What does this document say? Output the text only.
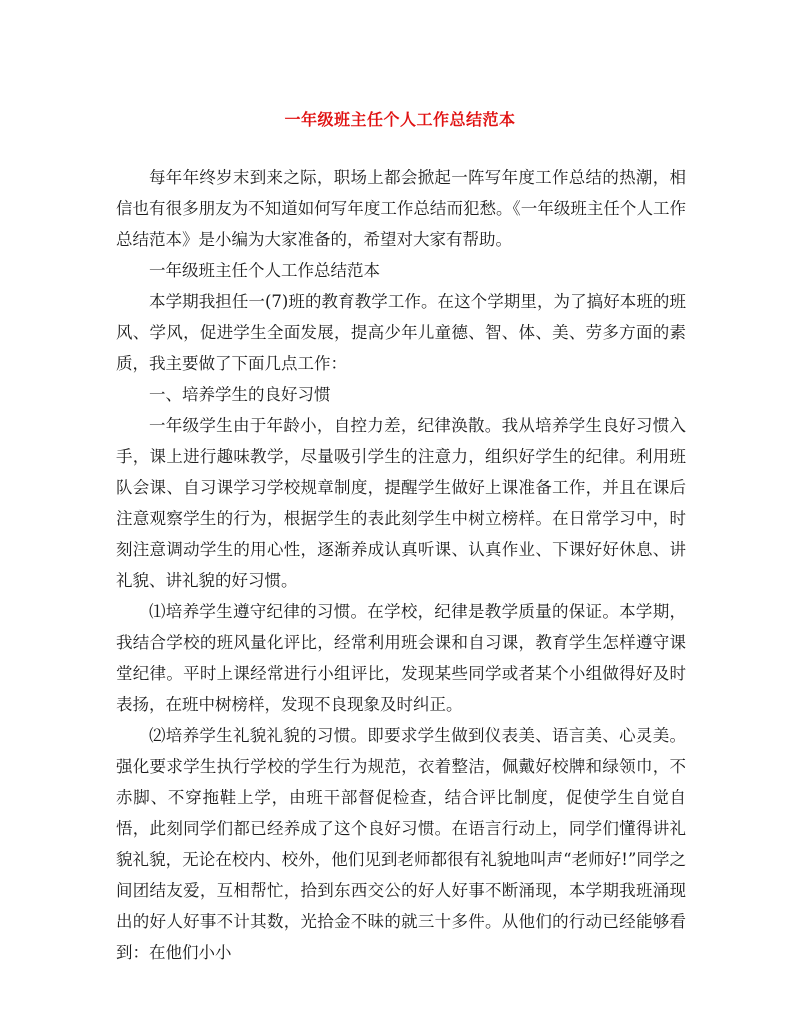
一年级班主任个人工作总结范本

每年年终岁末到来之际，职场上都会掀起一阵写年度工作总结的热潮，相信也有很多朋友为不知道如何写年度工作总结而犯愁。《一年级班主任个人工作总结范本》是小编为大家准备的，希望对大家有帮助。

一年级班主任个人工作总结范本

本学期我担任一(7)班的教育教学工作。在这个学期里，为了搞好本班的班风、学风，促进学生全面发展，提高少年儿童德、智、体、美、劳多方面的素质，我主要做了下面几点工作：

一、培养学生的良好习惯

一年级学生由于年龄小，自控力差，纪律涣散。我从培养学生良好习惯入手，课上进行趣味教学，尽量吸引学生的注意力，组织好学生的纪律。利用班队会课、自习课学习学校规章制度，提醒学生做好上课准备工作，并且在课后注意观察学生的行为，根据学生的表此刻学生中树立榜样。在日常学习中，时刻注意调动学生的用心性，逐渐养成认真听课、认真作业、下课好好休息、讲礼貌、讲礼貌的好习惯。

⑴培养学生遵守纪律的习惯。在学校，纪律是教学质量的保证。本学期，我结合学校的班风量化评比，经常利用班会课和自习课，教育学生怎样遵守课堂纪律。平时上课经常进行小组评比，发现某些同学或者某个小组做得好及时表扬，在班中树榜样，发现不良现象及时纠正。

⑵培养学生礼貌礼貌的习惯。即要求学生做到仪表美、语言美、心灵美。强化要求学生执行学校的学生行为规范，衣着整洁，佩戴好校牌和绿领巾，不赤脚、不穿拖鞋上学，由班干部督促检查，结合评比制度，促使学生自觉自悟，此刻同学们都已经养成了这个良好习惯。在语言行动上，同学们懂得讲礼貌礼貌，无论在校内、校外，他们见到老师都很有礼貌地叫声“老师好!”同学之间团结友爱，互相帮忙，拾到东西交公的好人好事不断涌现，本学期我班涌现出的好人好事不计其数，光拾金不昧的就三十多件。从他们的行动已经能够看到：在他们小小
